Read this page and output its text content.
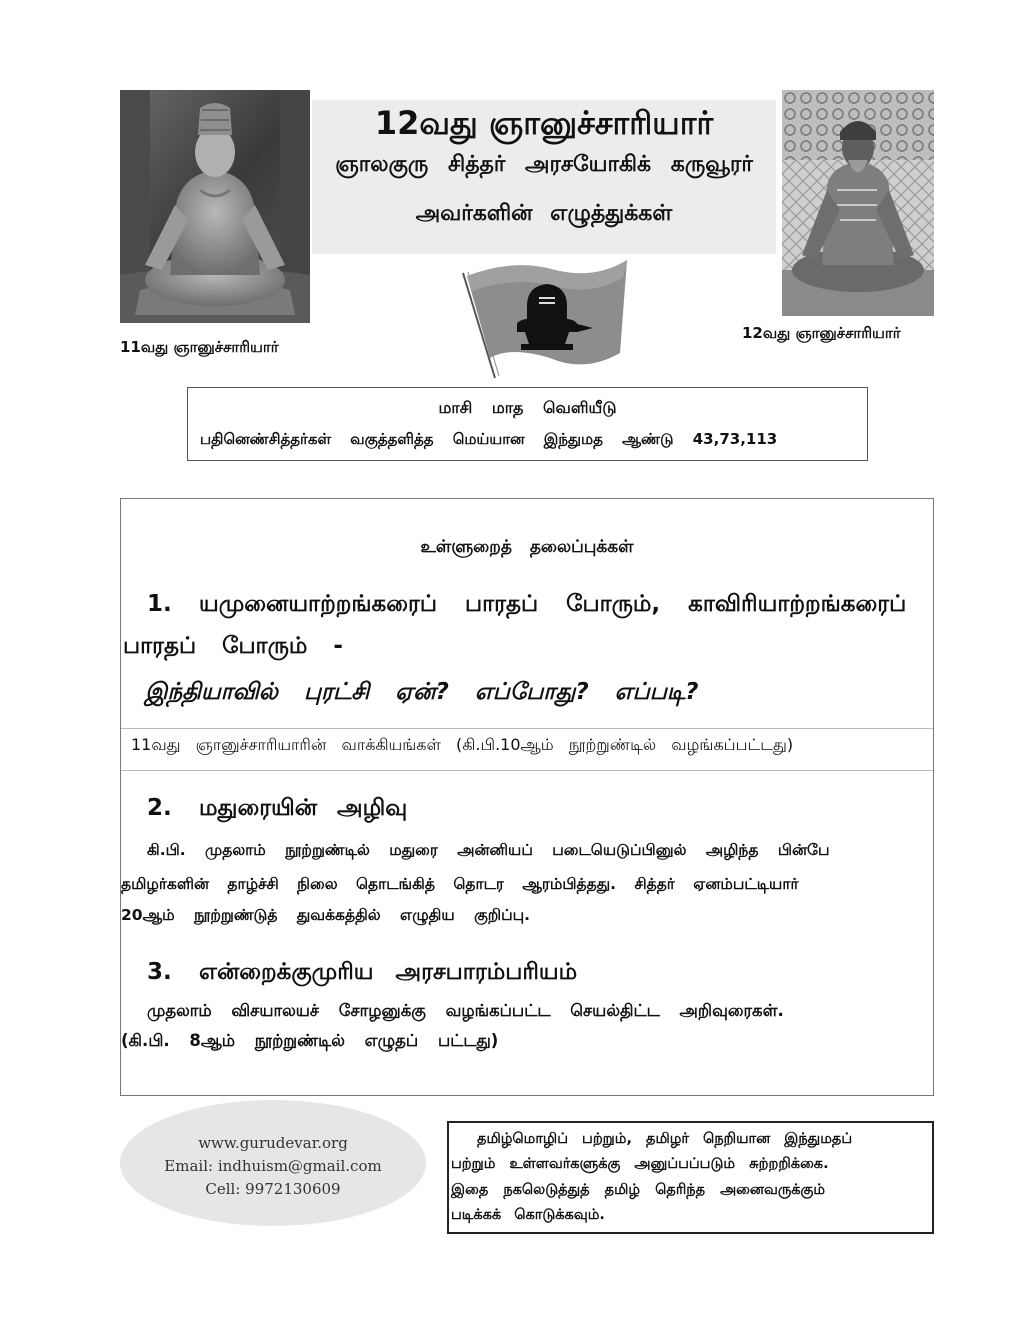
11வது ஞானுச்சாரியார்
12வது ஞானுச்சாரியார்
ஞாலகுரு சித்தர் அரசயோகிக் கருவூரர்
அவர்களின் எழுத்துக்கள்
12வது ஞானுச்சாரியார்
மாசி மாத வெளியீடு
பதினெண்சித்தர்கள் வகுத்தளித்த மெய்யான இந்துமத ஆண்டு 43,73,113
உள்ளுறைத் தலைப்புக்கள்
1. யமுனையாற்றங்கரைப் பாரதப் போரும், காவிரியாற்றங்கரைப்
பாரதப் போரும் -
இந்தியாவில் புரட்சி ஏன்? எப்போது? எப்படி?
11வது ஞானுச்சாரியாரின் வாக்கியங்கள் (கி.பி.10ஆம் நூற்றுண்டில் வழங்கப்பட்டது)
2. மதுரையின் அழிவு
கி.பி. முதலாம் நூற்றுண்டில் மதுரை அன்னியப் படையெடுப்பினுல் அழிந்த பின்பே
தமிழர்களின் தாழ்ச்சி நிலை தொடங்கித் தொடர ஆரம்பித்தது. சித்தர் ஏனம்பட்டியார்
20ஆம் நூற்றுண்டுத் துவக்கத்தில் எழுதிய குறிப்பு.
3. என்றைக்குமுரிய அரசபாரம்பரியம்
முதலாம் விசயாலயச் சோழனுக்கு வழங்கப்பட்ட செயல்திட்ட அறிவுரைகள்.
(கி.பி. 8ஆம் நூற்றுண்டில் எழுதப் பட்டது)
www.gurudevar.org
Email: indhuism@gmail.com
Cell: 9972130609
தமிழ்மொழிப் பற்றும், தமிழர் நெறியான இந்துமதப்
பற்றும் உள்ளவர்களுக்கு அனுப்பப்படும் சுற்றறிக்கை.
இதை நகலெடுத்துத் தமிழ் தெரிந்த அனைவருக்கும்
படிக்கக் கொடுக்கவும்.
